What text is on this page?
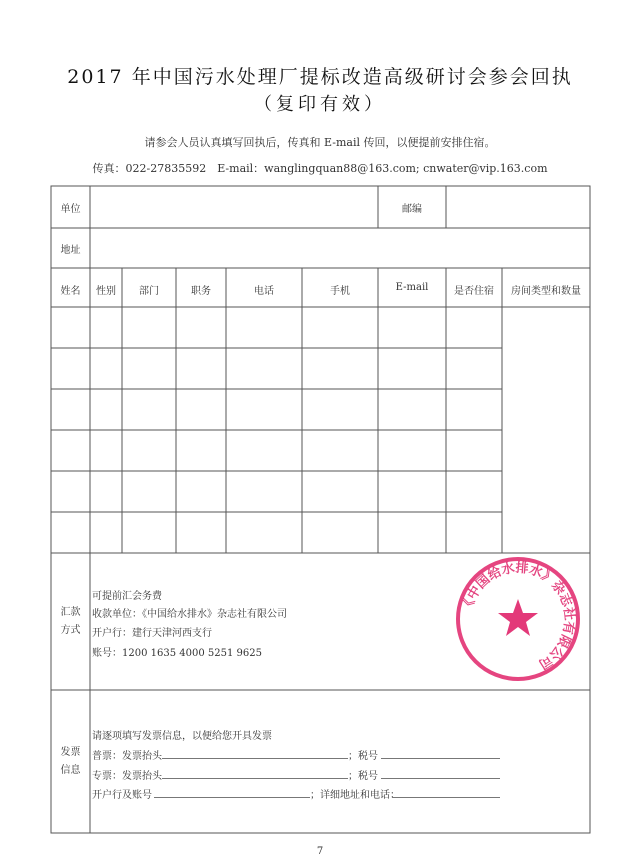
2017 年中国污水处理厂提标改造高级研讨会参会回执
（复印有效）
请参会人员认真填写回执后，传真和 E-mail 传回，以便提前安排住宿。
传真：022-27835592　E-mail：wanglingquan88@163.com; cnwater@vip.163.com
单位	邮编
地址
姓名	性别	部门	职务	电话	手机	E-mail	是否住宿	房间类型和数量
汇款
方式
可提前汇会务费
收款单位：《中国给水排水》杂志社有限公司
开户行：建行天津河西支行
账号：1200 1635 4000 5251 9625
《中国给水排水》杂志社有限公司
发票
信息
请逐项填写发票信息，以便给您开具发票
普票：发票抬头	；税号
专票：发票抬头	；税号
开户行及账号	；详细地址和电话：
7
